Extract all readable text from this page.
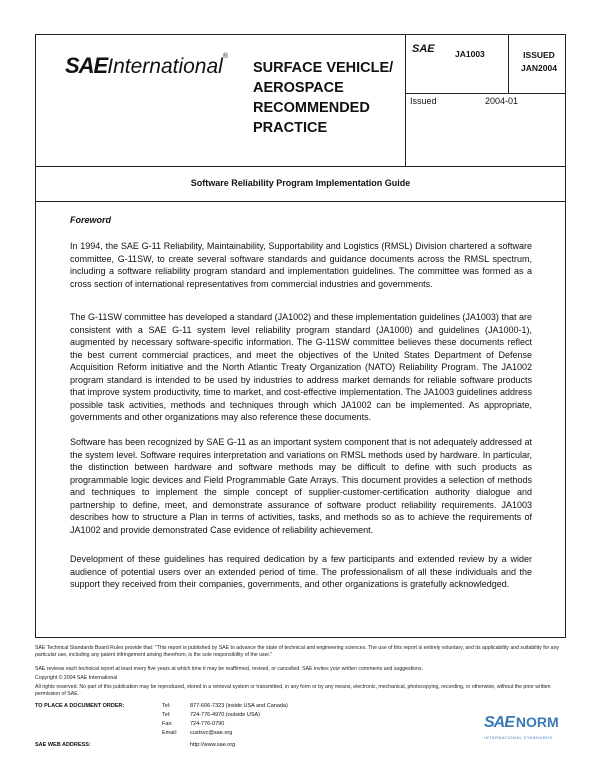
SAEInternational®
SURFACE VEHICLE/ AEROSPACE RECOMMENDED PRACTICE
SAE JA1003	ISSUED
JAN2004
Issued	2004-01
Software Reliability Program Implementation Guide
Foreword
In 1994, the SAE G-11 Reliability, Maintainability, Supportability and Logistics (RMSL) Division chartered a software committee, G-11SW, to create several software standards and guidance documents across the RMSL spectrum, including a software reliability program standard and implementation guidelines. The committee was formed as a cross section of international representatives from commercial industries and governments.
The G-11SW committee has developed a standard (JA1002) and these implementation guidelines (JA1003) that are consistent with a SAE G-11 system level reliability program standard (JA1000) and guidelines (JA1000-1), augmented by necessary software-specific information. The G-11SW committee believes these documents reflect the best current commercial practices, and meet the objectives of the United States Department of Defense Acquisition Reform initiative and the North Atlantic Treaty Organization (NATO) Reliability Program. The JA1002 program standard is intended to be used by industries to address market demands for reliable software products that improve system productivity, time to market, and cost-effective implementation. The JA1003 guidelines address possible task activities, methods and techniques through which JA1002 can be implemented. As appropriate, governments and other organizations may also reference these documents.
Software has been recognized by SAE G-11 as an important system component that is not adequately addressed at the system level. Software requires interpretation and variations on RMSL methods used by hardware. In particular, the distinction between hardware and software methods may be difficult to define with such products as programmable logic devices and Field Programmable Gate Arrays. This document provides a selection of methods and techniques to implement the simple concept of supplier-customer-certification authority dialogue and partnership to define, meet, and demonstrate assurance of software product reliability requirements. JA1003 describes how to structure a Plan in terms of activities, tasks, and methods so as to achieve the requirements of JA1002 and provide demonstrated Case evidence of reliability achievement.
Development of these guidelines has required dedication by a few participants and extended review by a wider audience of potential users over an extended period of time. The professionalism of all these individuals and the support they received from their companies, governments, and other organizations is gratefully acknowledged.
SAE Technical Standards Board Rules provide that: "This report is published by SAE to advance the state of technical and engineering sciences. The use of this report is entirely voluntary, and its applicability and suitability for any particular use, including any patent infringement arising therefrom, is the sole responsibility of the user."
SAE reviews each technical report at least every five years at which time it may be reaffirmed, revised, or cancelled. SAE invites your written comments and suggestions.
Copyright © 2004 SAE International
All rights reserved. No part of this publication may be reproduced, stored in a retrieval system or transmitted, in any form or by any means, electronic, mechanical, photocopying, recording, or otherwise, without the prior written permission of SAE.
TO PLACE A DOCUMENT ORDER:	Tel:	877-606-7323 (inside USA and Canada)
Tel:	724-776-4970 (outside USA)
Fax:	724-776-0790
Email: custsvc@sae.org
SAE WEB ADDRESS:	http://www.sae.org
SAE NORM
INTERNATIONAL STANDARDS
